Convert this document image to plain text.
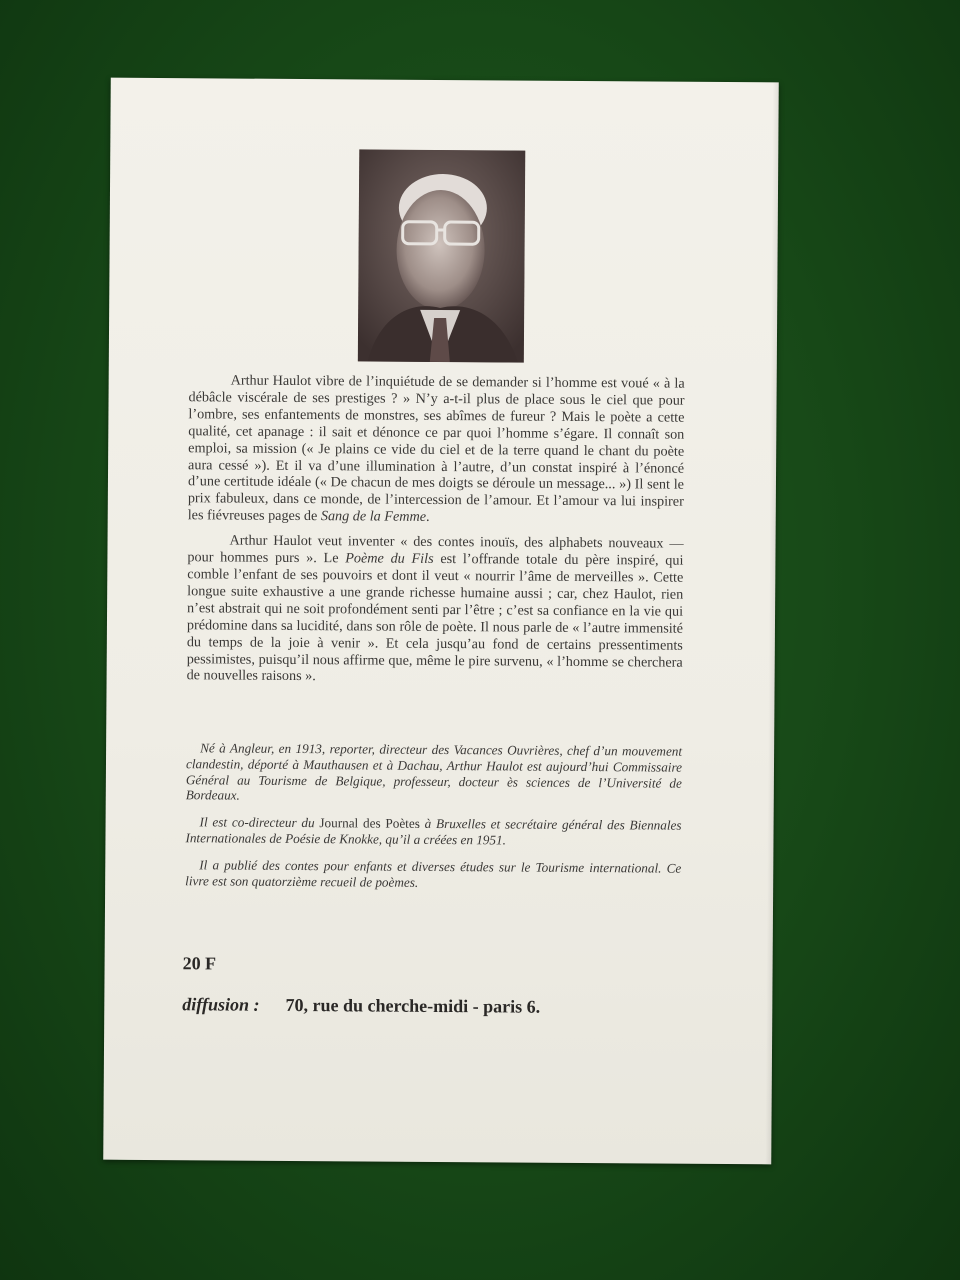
Arthur Haulot vibre de l’inquiétude de se demander si l’homme est voué « à la débâcle viscérale de ses prestiges ? » N’y a-t-il plus de place sous le ciel que pour l’ombre, ses enfantements de monstres, ses abîmes de fureur ? Mais le poète a cette qualité, cet apanage : il sait et dénonce ce par quoi l’homme s’égare. Il connaît son emploi, sa mission (« Je plains ce vide du ciel et de la terre quand le chant du poète aura cessé »). Et il va d’une illumination à l’autre, d’un constat inspiré à l’énoncé d’une certitude idéale (« De chacun de mes doigts se déroule un message... ») Il sent le prix fabuleux, dans ce monde, de l’intercession de l’amour. Et l’amour va lui inspirer les fiévreuses pages de Sang de la Femme.

Arthur Haulot veut inventer « des contes inouïs, des alphabets nouveaux — pour hommes purs ». Le Poème du Fils est l’offrande totale du père inspiré, qui comble l’enfant de ses pouvoirs et dont il veut « nourrir l’âme de merveilles ». Cette longue suite exhaustive a une grande richesse humaine aussi ; car, chez Haulot, rien n’est abstrait qui ne soit profondément senti par l’être ; c’est sa confiance en la vie qui prédomine dans sa lucidité, dans son rôle de poète. Il nous parle de « l’autre immensité du temps de la joie à venir ». Et cela jusqu’au fond de certains pressentiments pessimistes, puisqu’il nous affirme que, même le pire survenu, « l’homme se cherchera de nouvelles raisons ».

Né à Angleur, en 1913, reporter, directeur des Vacances Ouvrières, chef d’un mouvement clandestin, déporté à Mauthausen et à Dachau, Arthur Haulot est aujourd’hui Commissaire Général au Tourisme de Belgique, professeur, docteur ès sciences de l’Université de Bordeaux.

Il est co-directeur du Journal des Poètes à Bruxelles et secrétaire général des Biennales Internationales de Poésie de Knokke, qu’il a créées en 1951.

Il a publié des contes pour enfants et diverses études sur le Tourisme international. Ce livre est son quatorzième recueil de poèmes.

20 F
diffusion : 70, rue du cherche-midi - paris 6.
